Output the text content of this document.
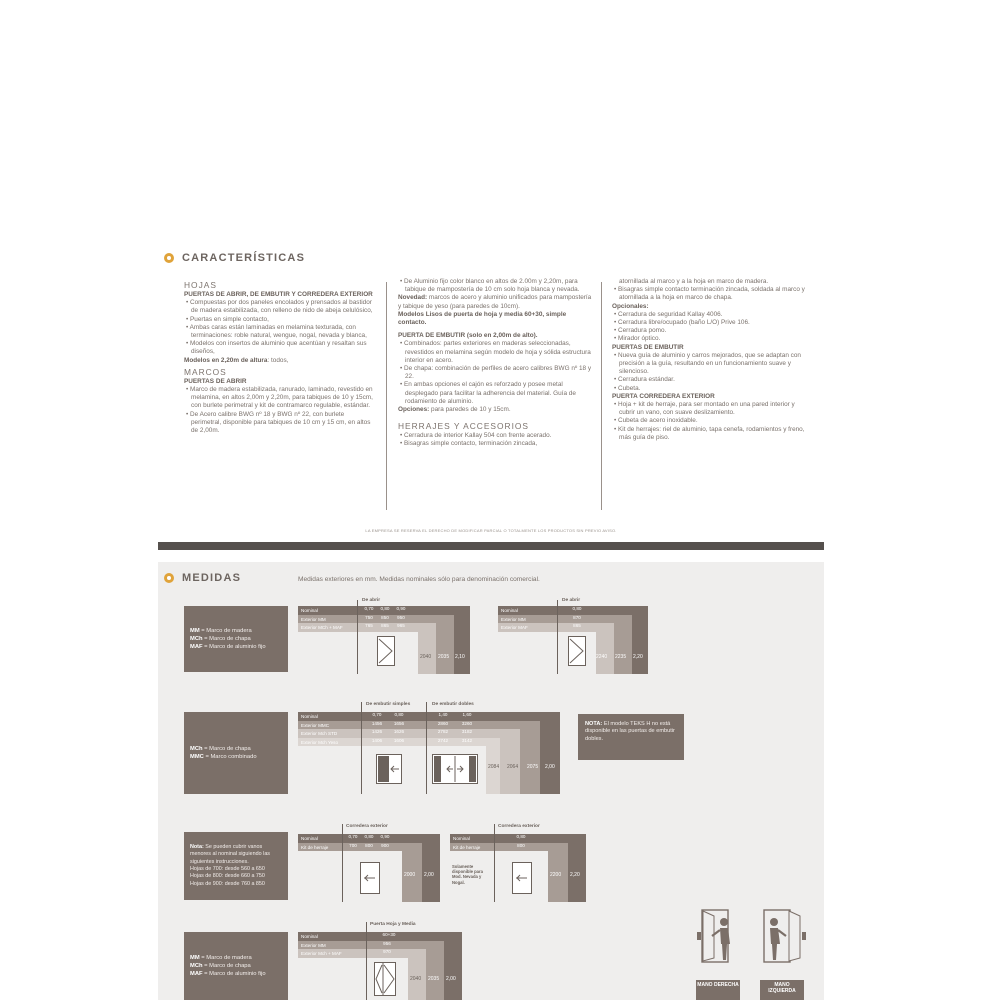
CARACTERÍSTICAS
HOJAS
PUERTAS DE ABRIR, DE EMBUTIR Y CORREDERA EXTERIOR
• Compuestas por dos paneles encolados y prensados al bastidor de madera estabilizada, con relleno de nido de abeja celulósico,
• Puertas en simple contacto,
• Ambas caras están laminadas en melamina texturada, con terminaciones: roble natural, wengue, nogal, nevada y blanca,
• Modelos con insertos de aluminio que acentúan y resaltan sus diseños,
Modelos en 2,20m de altura: todos,
MARCOS
PUERTAS DE ABRIR
• Marco de madera estabilizada, ranurado, laminado, revestido en melamina, en altos 2,00m y 2,20m, para tabiques de 10 y 15cm, con burlete perimetral y kit de contramarco regulable, estándar.
• De Acero calibre BWG nº 18 y BWG nº 22, con burlete perimetral, disponible para tabiques de 10 cm y 15 cm, en altos de 2,00m.
• De Aluminio fijo color blanco en altos de 2.00m y 2,20m, para tabique de mampostería de 10 cm solo hoja blanca y nevada.
Novedad: marcos de acero y aluminio unificados para mampostería y tabique de yeso (para paredes de 10cm).
Modelos Lisos de puerta de hoja y media 60+30, simple contacto.
PUERTA DE EMBUTIR (solo en 2,00m de alto).
• Combinados: partes exteriores en maderas seleccionadas, revestidos en melamina según modelo de hoja y sólida estructura interior en acero.
• De chapa: combinación de perfiles de acero calibres BWG nº 18 y 22.
• En ambas opciones el cajón es reforzado y posee metal desplegado para facilitar la adherencia del material. Guía de rodamiento de aluminio.
Opciones: para paredes de 10 y 15cm.
HERRAJES Y ACCESORIOS
• Cerradura de interior Kallay 504 con frente acerado.
• Bisagras simple contacto, terminación zincada,
atornillada al marco y a la hoja en marco de madera.
• Bisagras simple contacto terminación zincada, soldada al marco y atornillada a la hoja en marco de chapa.
Opcionales:
• Cerradura de seguridad Kallay 4006.
• Cerradura libre/ocupado (baño L/O) Prive 106.
• Cerradura pomo.
• Mirador óptico.
PUERTAS DE EMBUTIR
• Nueva guía de aluminio y carros mejorados, que se adaptan con precisión a la guía, resultando en un funcionamiento suave y silencioso.
• Cerradura estándar.
• Cubeta.
PUERTA CORREDERA EXTERIOR
• Hoja + kit de herraje, para ser montado en una pared interior y cubrir un vano, con suave deslizamiento.
• Cubeta de acero inoxidable.
• Kit de herrajes: riel de aluminio, tapa cenefa, rodamientos y freno, más guía de piso.
LA EMPRESA SE RESERVA EL DERECHO DE MODIFICAR PARCIAL O TOTALMENTE LOS PRODUCTOS SIN PREVIO AVISO.
MEDIDAS	Medidas exteriores en mm. Medidas nominales sólo para denominación comercial.
MM = Marco de madera
MCh = Marco de chapa
MAF = Marco de aluminio fijo
MCh = Marco de chapa
MMC = Marco combinado
Nota: Se pueden cubrir vanos menores al nominal siguiendo las siguientes instrucciones.
Hojas de 700: desde 560 a 650
Hojas de 800: desde 660 a 750
Hojas de 900: desde 760 a 850
MM = Marco de madera
MCh = Marco de chapa
MAF = Marco de aluminio fijo
De abrir
Nominal	0,70	0,80	0,90
Exterior MM	750	850	950
Exterior MCh + MAF	765	865	965
2040 2035 2,10
De abrir
Nominal	0,80
Exterior MM	870
Exterior MAF	865
2240 2235 2,20
De embutir simples	De embutir dobles
Nominal	0,70	0,80	1,40	1,60
Exterior MMC	1456	1656	2860	3260
Exterior Mch STD	1426	1626	2782	3182
Exterior Mch Yeso	1406	1606	2742	3142
2084 2064 2075 2,00
NOTA: El modelo TEKS H no está disponible en las puertas de embutir dobles.
Corredera exterior
Nominal	0,70	0,80	0,90
Kit de herraje	700	800	900
2000 2,00
Corredera exterior
Nominal	0,80
Kit de herraje	800
Solamente disponible para Mod. Nevada y Nogal.
2200 2,20
Puerta Hoja y Media
Nominal	60+30
Exterior MM	956
Exterior Mch + MAF	970
2040 2035 2,00
MANO DERECHA	MANO IZQUIERDA
